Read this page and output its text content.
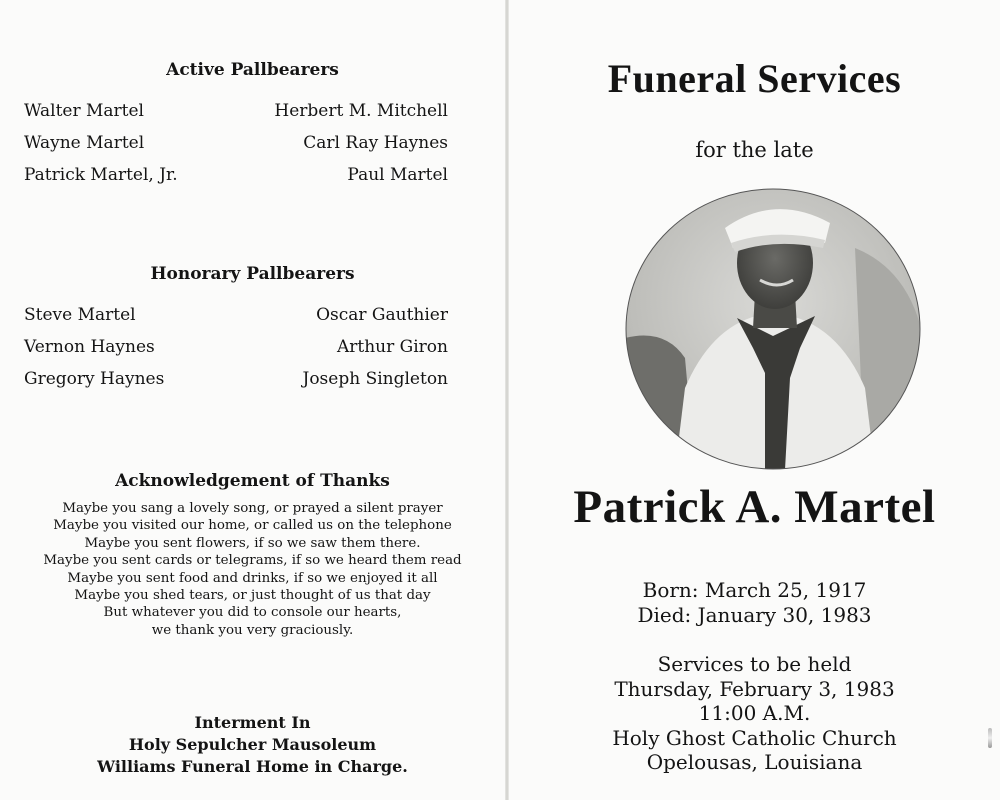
Active Pallbearers
Walter Martel	Herbert M. Mitchell
Wayne Martel	Carl Ray Haynes
Patrick Martel, Jr.	Paul Martel
Honorary Pallbearers
Steve Martel	Oscar Gauthier
Vernon Haynes	Arthur Giron
Gregory Haynes	Joseph Singleton
Acknowledgement of Thanks
Maybe you sang a lovely song, or prayed a silent prayer
Maybe you visited our home, or called us on the telephone
Maybe you sent flowers, if so we saw them there.
Maybe you sent cards or telegrams, if so we heard them read
Maybe you sent food and drinks, if so we enjoyed it all
Maybe you shed tears, or just thought of us that day
But whatever you did to console our hearts,
we thank you very graciously.
Interment In
Holy Sepulcher Mausoleum
Williams Funeral Home in Charge.
Funeral Services
for the late
Patrick A. Martel
Born: March 25, 1917
Died: January 30, 1983
Services to be held
Thursday, February 3, 1983
11:00 A.M.
Holy Ghost Catholic Church
Opelousas, Louisiana
